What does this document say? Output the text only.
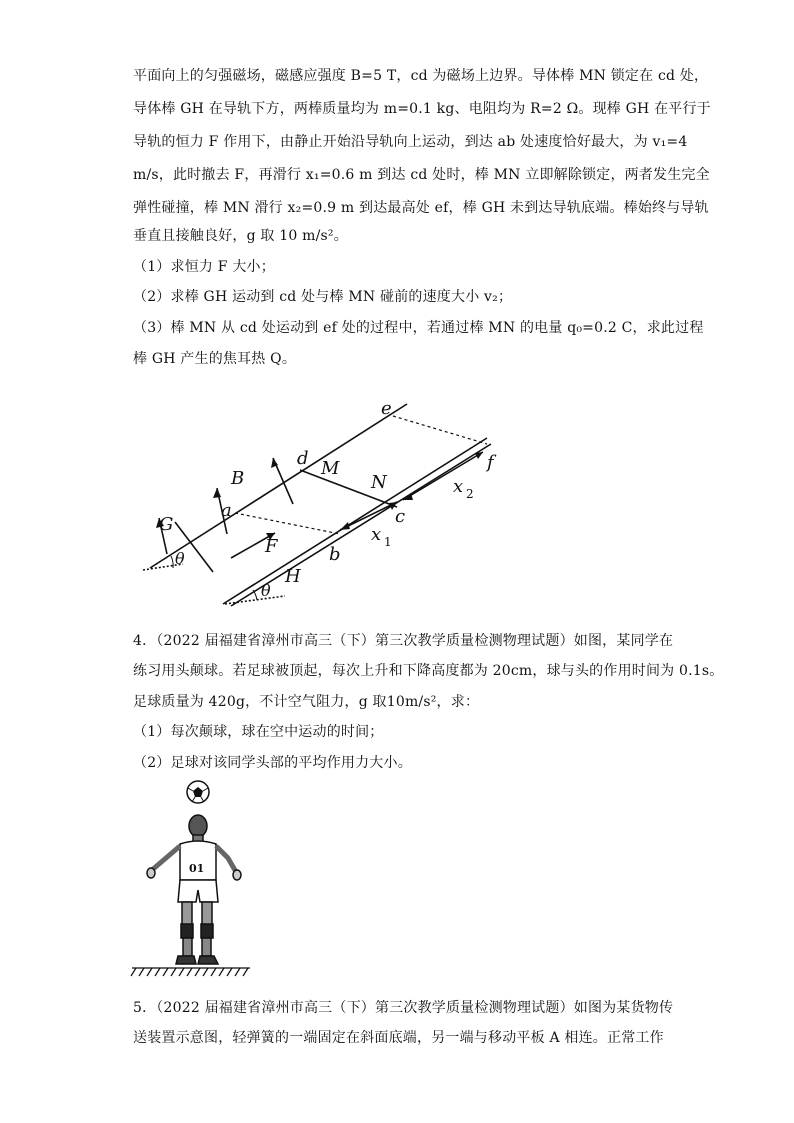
平面向上的匀强磁场，磁感应强度 B=5 T，cd 为磁场上边界。导体棒 MN 锁定在 cd 处，
导体棒 GH 在导轨下方，两棒质量均为 m=0.1 kg、电阻均为 R=2 Ω。现棒 GH 在平行于
导轨的恒力 F 作用下，由静止开始沿导轨向上运动，到达 ab 处速度恰好最大，为 v₁=4
m/s，此时撤去 F，再滑行 x₁=0.6 m 到达 cd 处时，棒 MN 立即解除锁定，两者发生完全
弹性碰撞，棒 MN 滑行 x₂=0.9 m 到达最高处 ef，棒 GH 未到达导轨底端。棒始终与导轨
垂直且接触良好，g 取 10 m/s²。
（1）求恒力 F 大小；
（2）求棒 GH 运动到 cd 处与棒 MN 碰前的速度大小 v₂；
（3）棒 MN 从 cd 处运动到 ef 处的过程中，若通过棒 MN 的电量 q₀=0.2 C，求此过程
棒 GH 产生的焦耳热 Q。
e
f
d M
N
B
a	c
x 2
x 1
G
F	b
H
θ
θ
4．（2022 届福建省漳州市高三（下）第三次教学质量检测物理试题）如图，某同学在
练习用头颠球。若足球被顶起，每次上升和下降高度都为 20cm，球与头的作用时间为 0.1s。
足球质量为 420g，不计空气阻力，g 取10m/s²，求：
（1）每次颠球，球在空中运动的时间；
（2）足球对该同学头部的平均作用力大小。
01
5．（2022 届福建省漳州市高三（下）第三次教学质量检测物理试题）如图为某货物传
送装置示意图，轻弹簧的一端固定在斜面底端，另一端与移动平板 A 相连。正常工作
